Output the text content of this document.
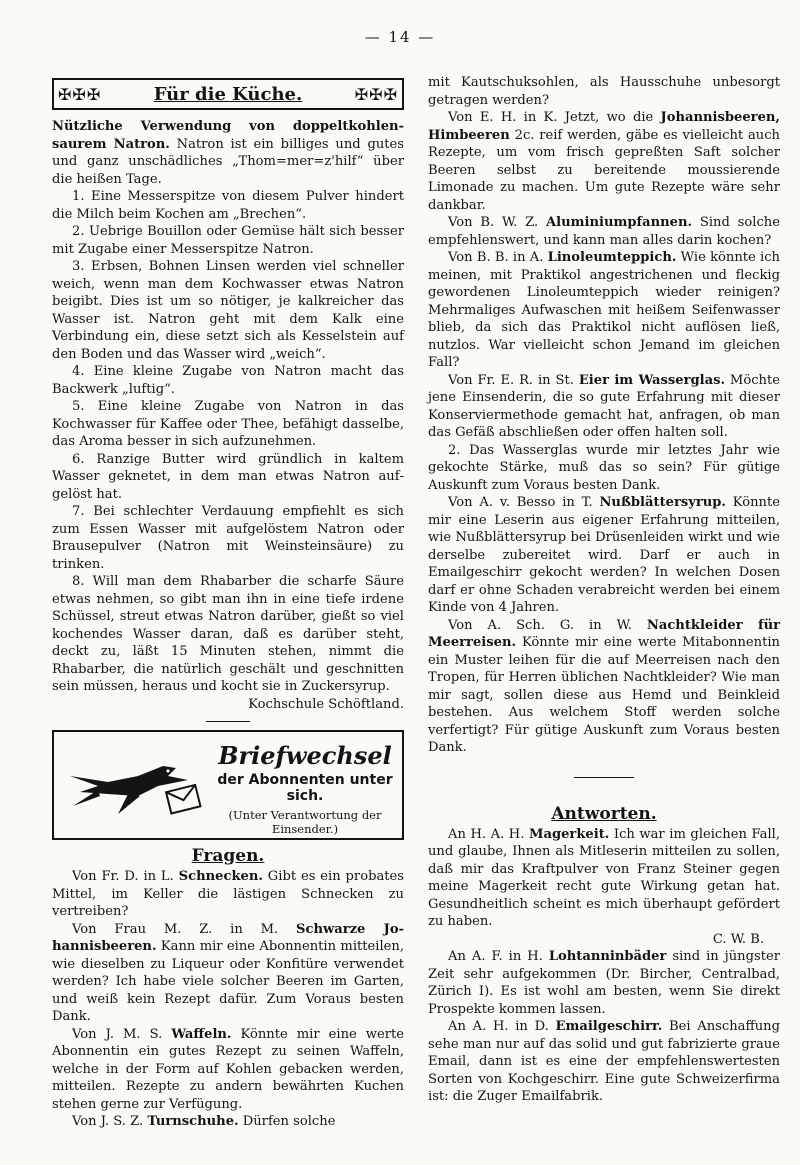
— 14 —
✠✠✠	Für die Küche.	✠✠✠

Nützliche Verwendung von doppeltkohlensaurem Natron. Natron ist ein billiges und gutes und ganz unschädliches „Thom=mer=z'hilf“ über die heißen Tage.

1. Eine Messerspitze von diesem Pulver hindert die Milch beim Kochen am „Brechen“.

2. Uebrige Bouillon oder Gemüse hält sich besser mit Zugabe einer Messerspitze Natron.

3. Erbsen, Bohnen Linsen werden viel schneller weich, wenn man dem Kochwasser etwas Natron beigibt. Dies ist um so nötiger, je kalkreicher das Wasser ist. Natron geht mit dem Kalk eine Verbindung ein, diese setzt sich als Kesselstein auf den Boden und das Wasser wird „weich“.

4. Eine kleine Zugabe von Natron macht das Backwerk „luftig“.

5. Eine kleine Zugabe von Natron in das Kochwasser für Kaffee oder Thee, befähigt dasselbe, das Aroma besser in sich aufzunehmen.

6. Ranzige Butter wird gründlich in kaltem Wasser geknetet, in dem man etwas Natron aufgelöst hat.

7. Bei schlechter Verdauung empfiehlt es sich zum Essen Wasser mit aufgelöstem Natron oder Brausepulver (Natron mit Weinsteinsäure) zu trinken.

8. Will man dem Rhabarber die scharfe Säure etwas nehmen, so gibt man ihn in eine tiefe irdene Schüssel, streut etwas Natron darüber, gießt so viel kochendes Wasser daran, daß es darüber steht, deckt zu, läßt 15 Minuten stehen, nimmt die Rhabarber, die natürlich geschält und geschnitten sein müssen, heraus und kocht sie in Zuckersyrup.

Kochschule Schöftland.

Briefwechsel
der Abonnenten unter sich.
(Unter Verantwortung der Einsender.)
Fragen.

Von Fr. D. in L. Schnecken. Gibt es ein probates Mittel, im Keller die lästigen Schnecken zu vertreiben?

Von Frau M. Z. in M. Schwarze Johannisbeeren. Kann mir eine Abonnentin mitteilen, wie dieselben zu Liqueur oder Konfitüre verwendet werden? Ich habe viele solcher Beeren im Garten, und weiß kein Rezept dafür. Zum Voraus besten Dank.

Von J. M. S. Waffeln. Könnte mir eine werte Abonnentin ein gutes Rezept zu seinen Waffeln, welche in der Form auf Kohlen gebacken werden, mitteilen. Rezepte zu andern bewährten Kuchen stehen gerne zur Verfügung.

Von J. S. Z. Turnschuhe. Dürfen solche

mit Kautschuksohlen, als Hausschuhe unbesorgt getragen werden?

Von E. H. in K. Jetzt, wo die Johannisbeeren, Himbeeren 2c. reif werden, gäbe es vielleicht auch Rezepte, um vom frisch gepreßten Saft solcher Beeren selbst zu bereitende moussierende Limonade zu machen. Um gute Rezepte wäre sehr dankbar.

Von B. W. Z. Aluminiumpfannen. Sind solche empfehlenswert, und kann man alles darin kochen?

Von B. B. in A. Linoleumteppich. Wie könnte ich meinen, mit Praktikol angestrichenen und fleckig gewordenen Linoleumteppich wieder reinigen? Mehrmaliges Aufwaschen mit heißem Seifenwasser blieb, da sich das Praktikol nicht auflösen ließ, nutzlos. War vielleicht schon Jemand im gleichen Fall?

Von Fr. E. R. in St. Eier im Wasserglas. Möchte jene Einsenderin, die so gute Erfahrung mit dieser Konserviermethode gemacht hat, anfragen, ob man das Gefäß abschließen oder offen halten soll.

2. Das Wasserglas wurde mir letztes Jahr wie gekochte Stärke, muß das so sein? Für gütige Auskunft zum Voraus besten Dank.

Von A. v. Besso in T. Nußblättersyrup. Könnte mir eine Leserin aus eigener Erfahrung mitteilen, wie Nußblättersyrup bei Drüsenleiden wirkt und wie derselbe zubereitet wird. Darf er auch in Emailgeschirr gekocht werden? In welchen Dosen darf er ohne Schaden verabreicht werden bei einem Kinde von 4 Jahren.

Von A. Sch. G. in W. Nachtkleider für Meerreisen. Könnte mir eine werte Mitabonnentin ein Muster leihen für die auf Meerreisen nach den Tropen, für Herren üblichen Nachtkleider? Wie man mir sagt, sollen diese aus Hemd und Beinkleid bestehen. Aus welchem Stoff werden solche verfertigt? Für gütige Auskunft zum Voraus besten Dank.

Antworten.

An H. A. H. Magerkeit. Ich war im gleichen Fall, und glaube, Ihnen als Mitleserin mitteilen zu sollen, daß mir das Kraftpulver von Franz Steiner gegen meine Magerkeit recht gute Wirkung getan hat. Gesundheitlich scheint es mich überhaupt gefördert zu haben.

C. W. B.

An A. F. in H. Lohtanninbäder sind in jüngster Zeit sehr aufgekommen (Dr. Bircher, Centralbad, Zürich I). Es ist wohl am besten, wenn Sie direkt Prospekte kommen lassen.

An A. H. in D. Emailgeschirr. Bei Anschaffung sehe man nur auf das solid und gut fabrizierte graue Email, dann ist es eine der empfehlenswertesten Sorten von Kochgeschirr. Eine gute Schweizerfirma ist: die Zuger Emailfabrik.
